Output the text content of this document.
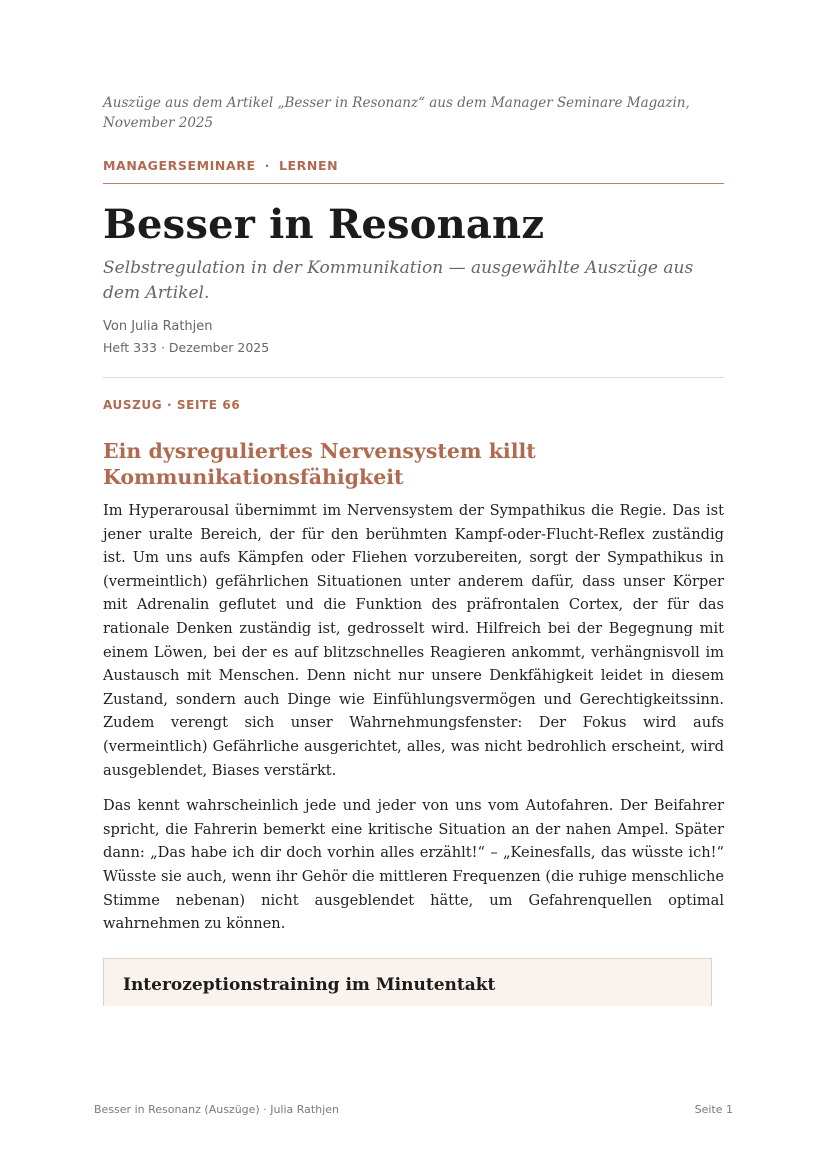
Auszüge aus dem Artikel „Besser in Resonanz“ aus dem Manager Seminare Magazin, November 2025

MANAGERSEMINARE · LERNEN
Besser in Resonanz

Selbstregulation in der Kommunikation — ausgewählte Auszüge aus dem Artikel.

Von Julia Rathjen
Heft 333 · Dezember 2025
AUSZUG · SEITE 66
Ein dysreguliertes Nervensystem killt Kommunikationsfähigkeit

Im Hyperarousal übernimmt im Nervensystem der Sympathikus die Regie. Das ist jener uralte Bereich, der für den berühmten Kampf-oder-Flucht-Reflex zuständig ist. Um uns aufs Kämpfen oder Fliehen vorzubereiten, sorgt der Sympathikus in (vermeintlich) gefährlichen Situationen unter anderem dafür, dass unser Körper mit Adrenalin geflutet und die Funktion des präfrontalen Cortex, der für das rationale Denken zuständig ist, gedrosselt wird. Hilfreich bei der Begegnung mit einem Löwen, bei der es auf blitzschnelles Reagieren ankommt, verhängnisvoll im Austausch mit Menschen. Denn nicht nur unsere Denkfähigkeit leidet in diesem Zustand, sondern auch Dinge wie Einfühlungsvermögen und Gerechtigkeitssinn. Zudem verengt sich unser Wahrnehmungsfenster: Der Fokus wird aufs (vermeintlich) Gefährliche ausgerichtet, alles, was nicht bedrohlich erscheint, wird ausgeblendet, Biases verstärkt.

Das kennt wahrscheinlich jede und jeder von uns vom Autofahren. Der Beifahrer spricht, die Fahrerin bemerkt eine kritische Situation an der nahen Ampel. Später dann: „Das habe ich dir doch vorhin alles erzählt!“ – „Keinesfalls, das wüsste ich!“ Wüsste sie auch, wenn ihr Gehör die mittleren Frequenzen (die ruhige menschliche Stimme nebenan) nicht ausgeblendet hätte, um Gefahrenquellen optimal wahrnehmen zu können.

Interozeptionstraining im Minutentakt
Besser in Resonanz (Auszüge) · Julia Rathjen	Seite 1
